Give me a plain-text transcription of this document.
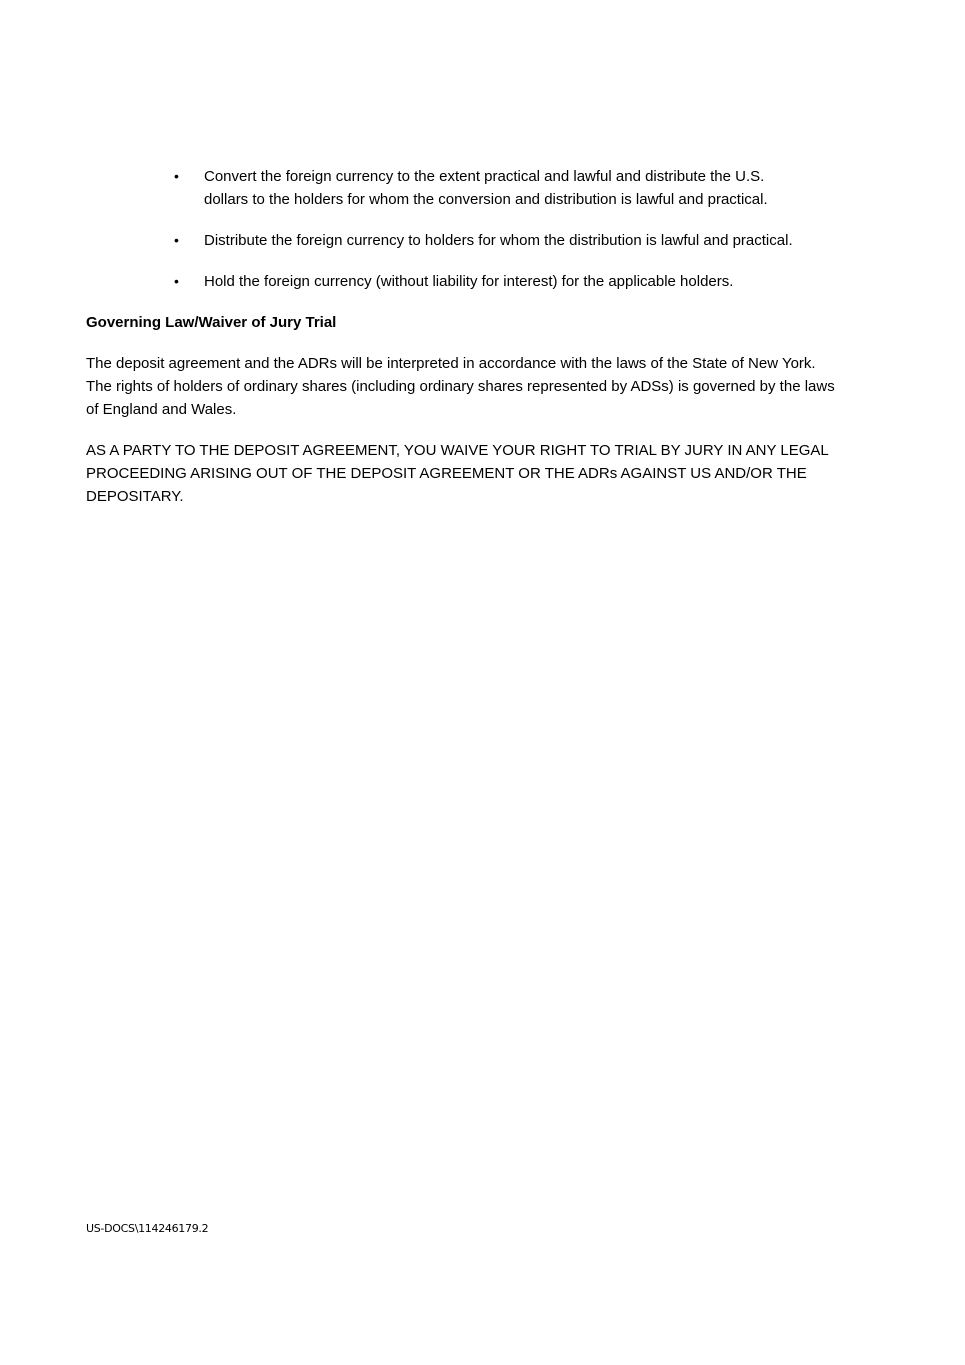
•	Convert the foreign currency to the extent practical and lawful and distribute the U.S.
dollars to the holders for whom the conversion and distribution is lawful and practical.
•	Distribute the foreign currency to holders for whom the distribution is lawful and practical.
•	Hold the foreign currency (without liability for interest) for the applicable holders.
Governing Law/Waiver of Jury Trial

The deposit agreement and the ADRs will be interpreted in accordance with the laws of the State of New York.
The rights of holders of ordinary shares (including ordinary shares represented by ADSs) is governed by the laws
of England and Wales.

AS A PARTY TO THE DEPOSIT AGREEMENT, YOU WAIVE YOUR RIGHT TO TRIAL BY JURY IN ANY LEGAL
PROCEEDING ARISING OUT OF THE DEPOSIT AGREEMENT OR THE ADRs AGAINST US AND/OR THE
DEPOSITARY.

US-DOCS\114246179.2
